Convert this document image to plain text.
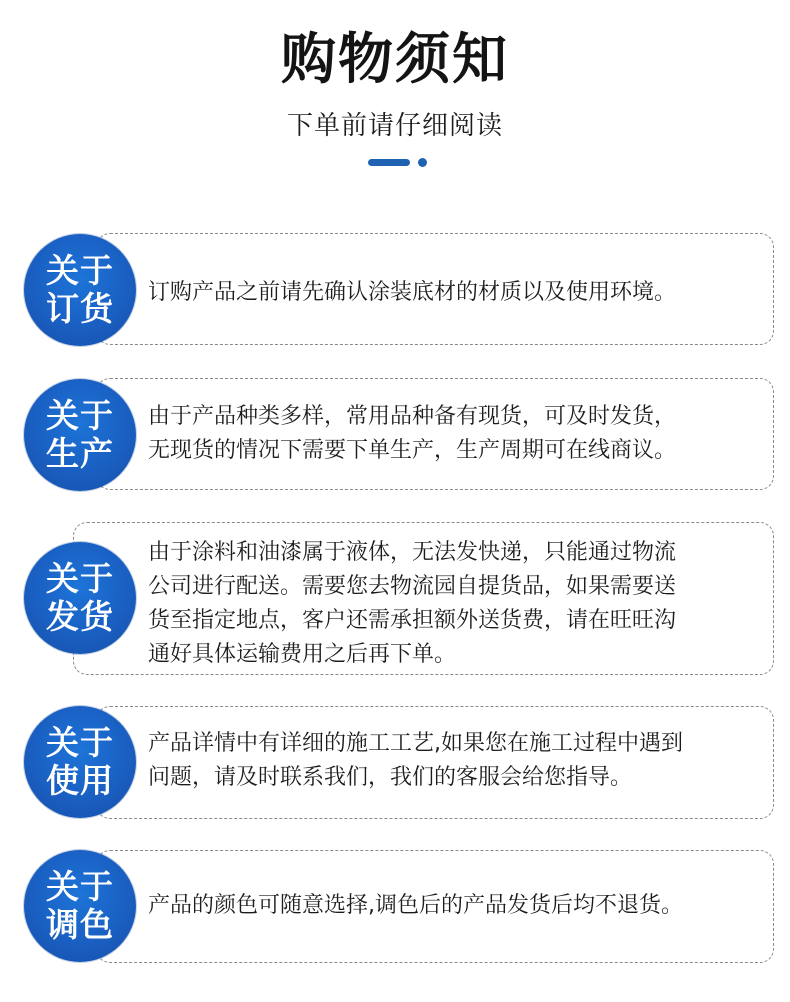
购物须知
下单前请仔细阅读
关于
订货 订购产品之前请先确认涂装底材的材质以及使用环境。
关于
生产
由于产品种类多样，常用品种备有现货，可及时发货，
无现货的情况下需要下单生产，生产周期可在线商议。
关于
发货
由于涂料和油漆属于液体，无法发快递，只能通过物流
公司进行配送。需要您去物流园自提货品，如果需要送
货至指定地点，客户还需承担额外送货费，请在旺旺沟
通好具体运输费用之后再下单。
关于
使用
产品详情中有详细的施工工艺,如果您在施工过程中遇到
问题，请及时联系我们，我们的客服会给您指导。
关于
调色 产品的颜色可随意选择,调色后的产品发货后均不退货。
